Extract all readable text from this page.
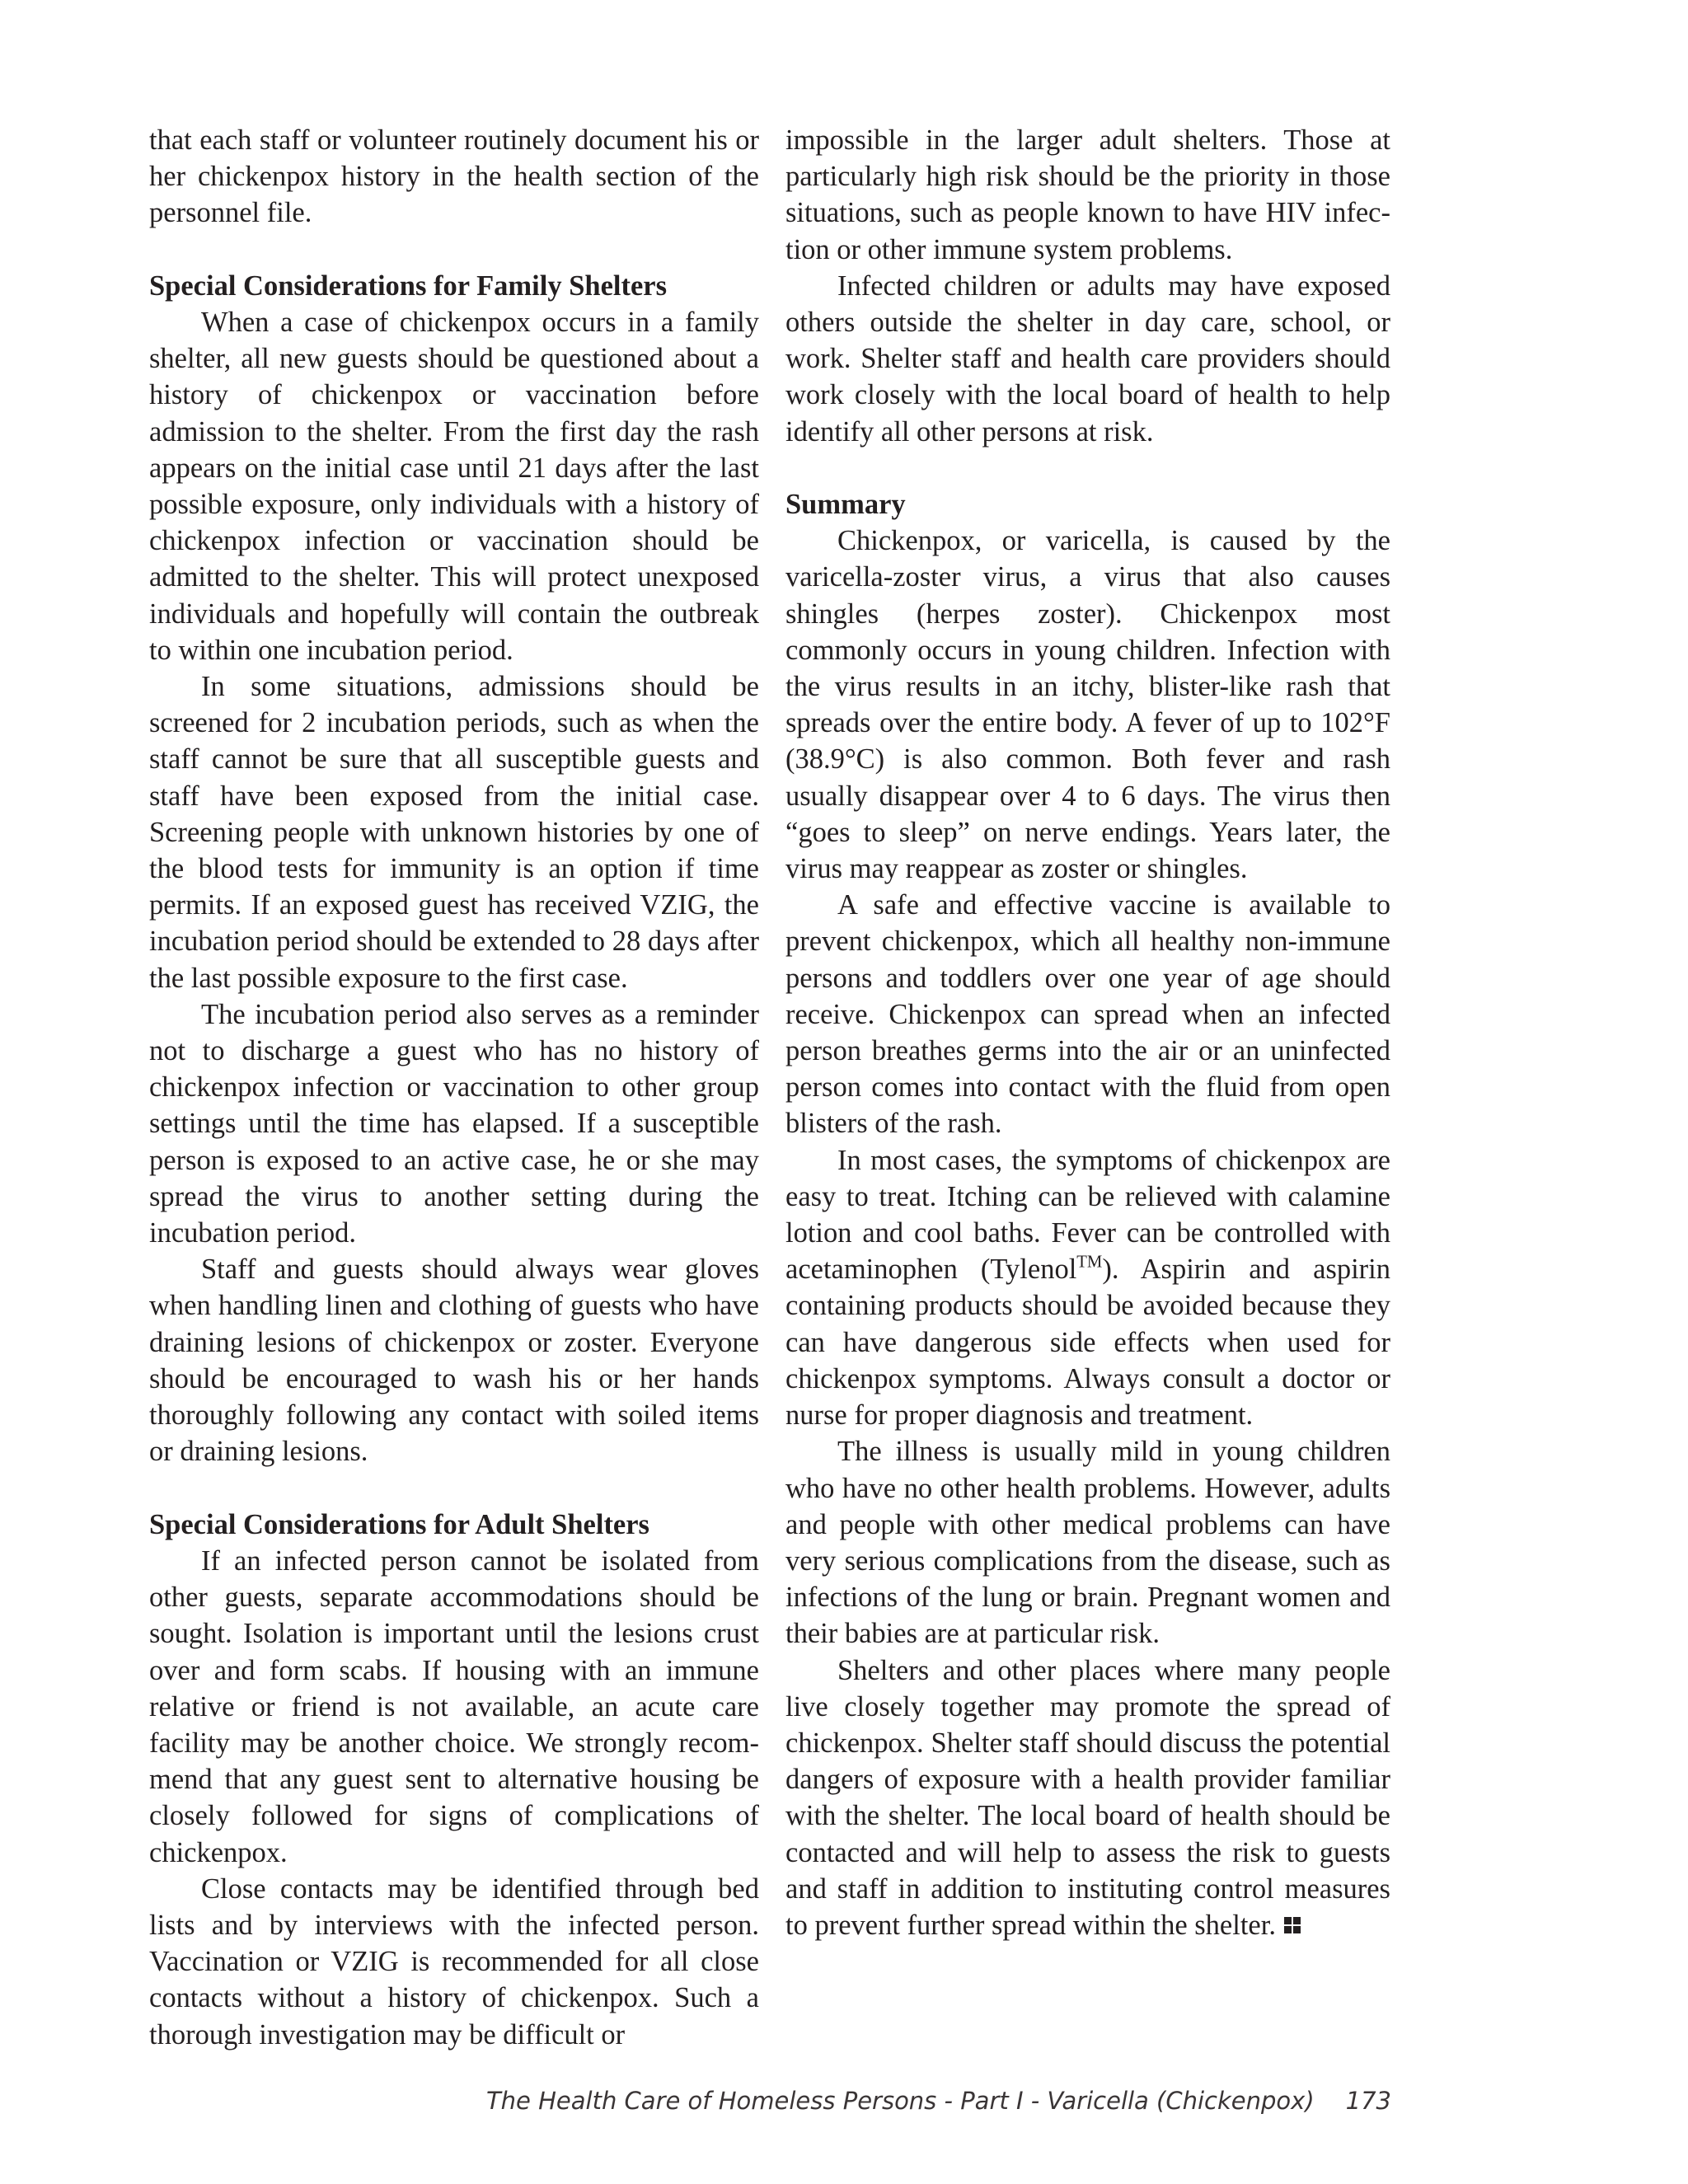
that each staff or volunteer routinely document his or her chickenpox history in the health section of the personnel file.

Special Considerations for Family Shelters

When a case of chickenpox occurs in a family shelter, all new guests should be questioned about a history of chickenpox or vaccination before admission to the shelter. From the first day the rash appears on the initial case until 21 days after the last possible exposure, only individuals with a history of chickenpox infection or vaccination should be admitted to the shelter. This will protect unexposed individuals and hopefully will contain the outbreak to within one incubation period.

In some situations, admissions should be screened for 2 incubation periods, such as when the staff cannot be sure that all susceptible guests and staff have been exposed from the initial case. Screening people with unknown histories by one of the blood tests for immunity is an option if time permits. If an exposed guest has received VZIG, the incubation period should be extended to 28 days after the last possible exposure to the first case.

The incubation period also serves as a reminder not to discharge a guest who has no history of chickenpox infection or vaccination to other group settings until the time has elapsed. If a susceptible person is exposed to an active case, he or she may spread the virus to another setting during the incubation period.

Staff and guests should always wear gloves when handling linen and clothing of guests who have draining lesions of chickenpox or zoster. Everyone should be encouraged to wash his or her hands thoroughly following any contact with soiled items or draining lesions.

Special Considerations for Adult Shelters

If an infected person cannot be isolated from other guests, separate accommodations should be sought. Isolation is important until the lesions crust over and form scabs. If housing with an immune relative or friend is not available, an acute care facility may be another choice. We strongly recommend that any guest sent to alternative housing be closely followed for signs of complications of chickenpox.

Close contacts may be identified through bed lists and by interviews with the infected person. Vaccination or VZIG is recommended for all close contacts without a history of chickenpox. Such a thorough investigation may be difficult or

impossible in the larger adult shelters. Those at particularly high risk should be the priority in those situations, such as people known to have HIV infection or other immune system problems.

Infected children or adults may have exposed others outside the shelter in day care, school, or work. Shelter staff and health care providers should work closely with the local board of health to help identify all other persons at risk.

Summary

Chickenpox, or varicella, is caused by the varicella-zoster virus, a virus that also causes shingles (herpes zoster). Chickenpox most commonly occurs in young children. Infection with the virus results in an itchy, blister-like rash that spreads over the entire body. A fever of up to 102°F (38.9°C) is also common. Both fever and rash usually disappear over 4 to 6 days. The virus then “goes to sleep” on nerve endings. Years later, the virus may reappear as zoster or shingles.

A safe and effective vaccine is available to prevent chickenpox, which all healthy non-immune persons and toddlers over one year of age should receive. Chickenpox can spread when an infected person breathes germs into the air or an uninfected person comes into contact with the fluid from open blisters of the rash.

In most cases, the symptoms of chickenpox are easy to treat. Itching can be relieved with calamine lotion and cool baths. Fever can be controlled with acetaminophen (Tylenol™). Aspirin and aspirin containing products should be avoided because they can have dangerous side effects when used for chickenpox symptoms. Always consult a doctor or nurse for proper diagnosis and treatment.

The illness is usually mild in young children who have no other health problems. However, adults and people with other medical problems can have very serious complications from the disease, such as infections of the lung or brain. Pregnant women and their babies are at particular risk.

Shelters and other places where many people live closely together may promote the spread of chickenpox. Shelter staff should discuss the potential dangers of exposure with a health provider familiar with the shelter. The local board of health should be contacted and will help to assess the risk to guests and staff in addition to instituting control measures to prevent further spread within the shelter.

The Health Care of Homeless Persons - Part I - Varicella (Chickenpox) 173
